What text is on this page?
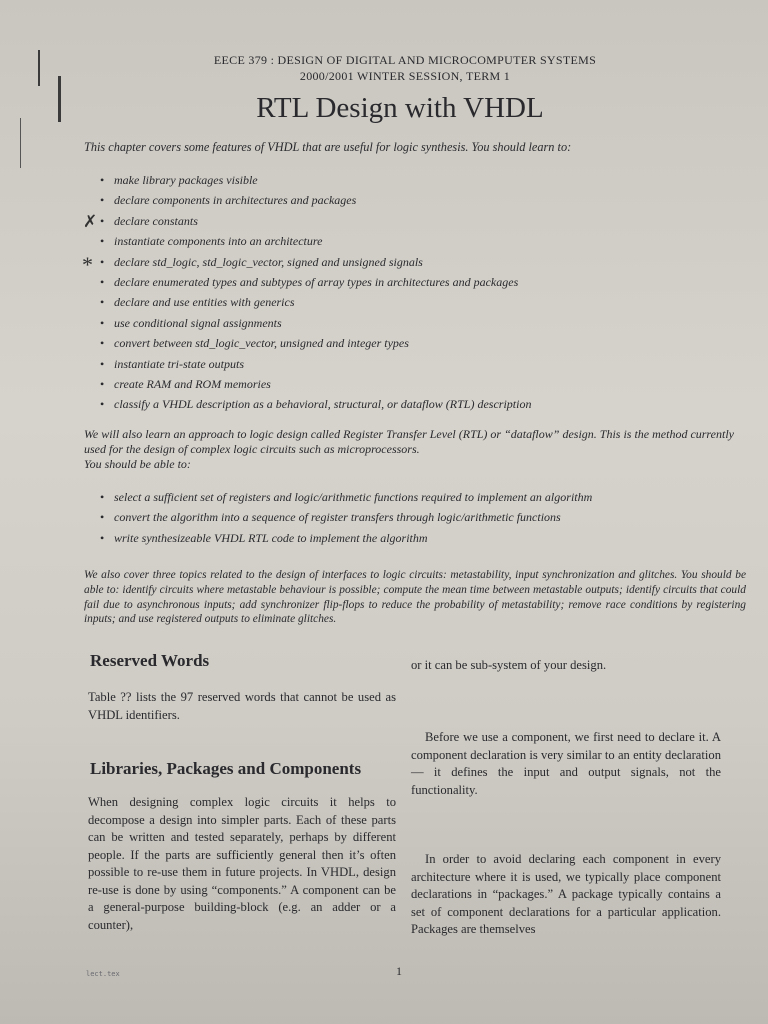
✗
*
EECE 379 : DESIGN OF DIGITAL AND MICROCOMPUTER SYSTEMS
2000/2001 WINTER SESSION, TERM 1
RTL Design with VHDL
This chapter covers some features of VHDL that are useful for logic synthesis. You should learn to:
• make library packages visible
• declare components in architectures and packages
• declare constants
• instantiate components into an architecture
• declare std_logic, std_logic_vector, signed and unsigned signals
• declare enumerated types and subtypes of array types in architectures and packages
• declare and use entities with generics
• use conditional signal assignments
• convert between std_logic_vector, unsigned and integer types
• instantiate tri-state outputs
• create RAM and ROM memories
• classify a VHDL description as a behavioral, structural, or dataflow (RTL) description
We will also learn an approach to logic design called Register Transfer Level (RTL) or “dataflow” design. This is the method currently used for the design of complex logic circuits such as microprocessors.
You should be able to:
• select a sufficient set of registers and logic/arithmetic functions required to implement an algorithm
• convert the algorithm into a sequence of register transfers through logic/arithmetic functions
• write synthesizeable VHDL RTL code to implement the algorithm
We also cover three topics related to the design of interfaces to logic circuits: metastability, input synchronization and glitches. You should be able to: identify circuits where metastable behaviour is possible; compute the mean time between metastable outputs; identify circuits that could fail due to asynchronous inputs; add synchronizer flip-flops to reduce the probability of metastability; remove race conditions by registering inputs; and use registered outputs to eliminate glitches.
Reserved Words
Table ?? lists the 97 reserved words that cannot be used as VHDL identifiers.
Libraries, Packages and Components
When designing complex logic circuits it helps to decompose a design into simpler parts. Each of these parts can be written and tested separately, perhaps by different people. If the parts are sufficiently general then it’s often possible to re-use them in future projects. In VHDL, design re-use is done by using “components.” A component can be a general-purpose building-block (e.g. an adder or a counter),
or it can be sub-system of your design.
Before we use a component, we first need to declare it. A component declaration is very similar to an entity declaration — it defines the input and output signals, not the functionality.
In order to avoid declaring each component in every architecture where it is used, we typically place component declarations in “packages.” A package typically contains a set of component declarations for a particular application. Packages are themselves
lect.tex	1
